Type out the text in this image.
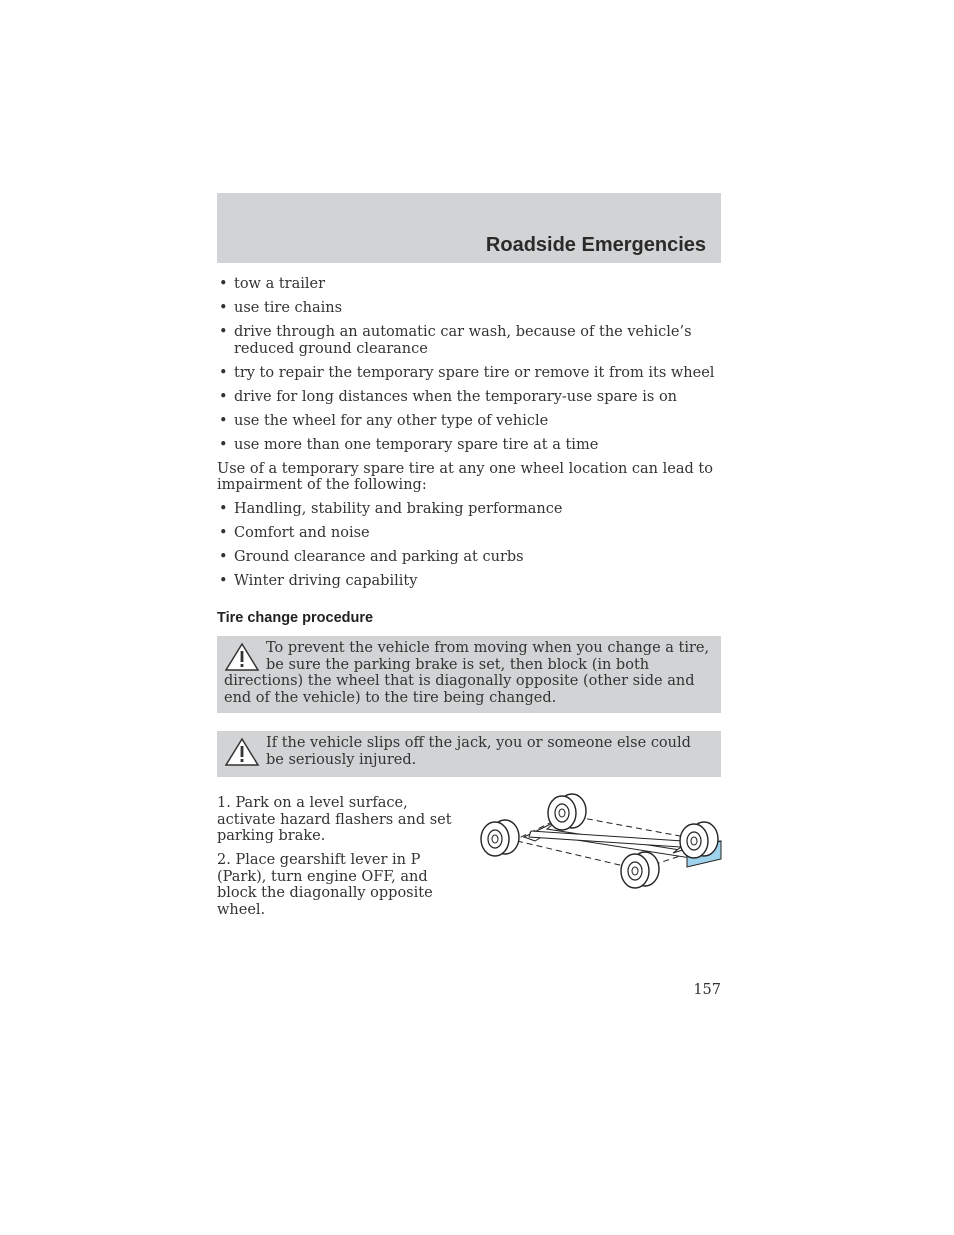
Roadside Emergencies
• tow a trailer
• use tire chains
• drive through an automatic car wash, because of the vehicle’s reduced ground clearance
• try to repair the temporary spare tire or remove it from its wheel
• drive for long distances when the temporary-use spare is on
• use the wheel for any other type of vehicle
• use more than one temporary spare tire at a time

Use of a temporary spare tire at any one wheel location can lead to impairment of the following:

• Handling, stability and braking performance
• Comfort and noise
• Ground clearance and parking at curbs
• Winter driving capability
Tire change procedure
To prevent the vehicle from moving when you change a tire, be sure the parking brake is set, then block (in both directions) the wheel that is diagonally opposite (other side and end of the vehicle) to the tire being changed.
If the vehicle slips off the jack, you or someone else could be seriously injured.

1. Park on a level surface, activate hazard flashers and set parking brake.

2. Place gearshift lever in P (Park), turn engine OFF, and block the diagonally opposite wheel.

157
